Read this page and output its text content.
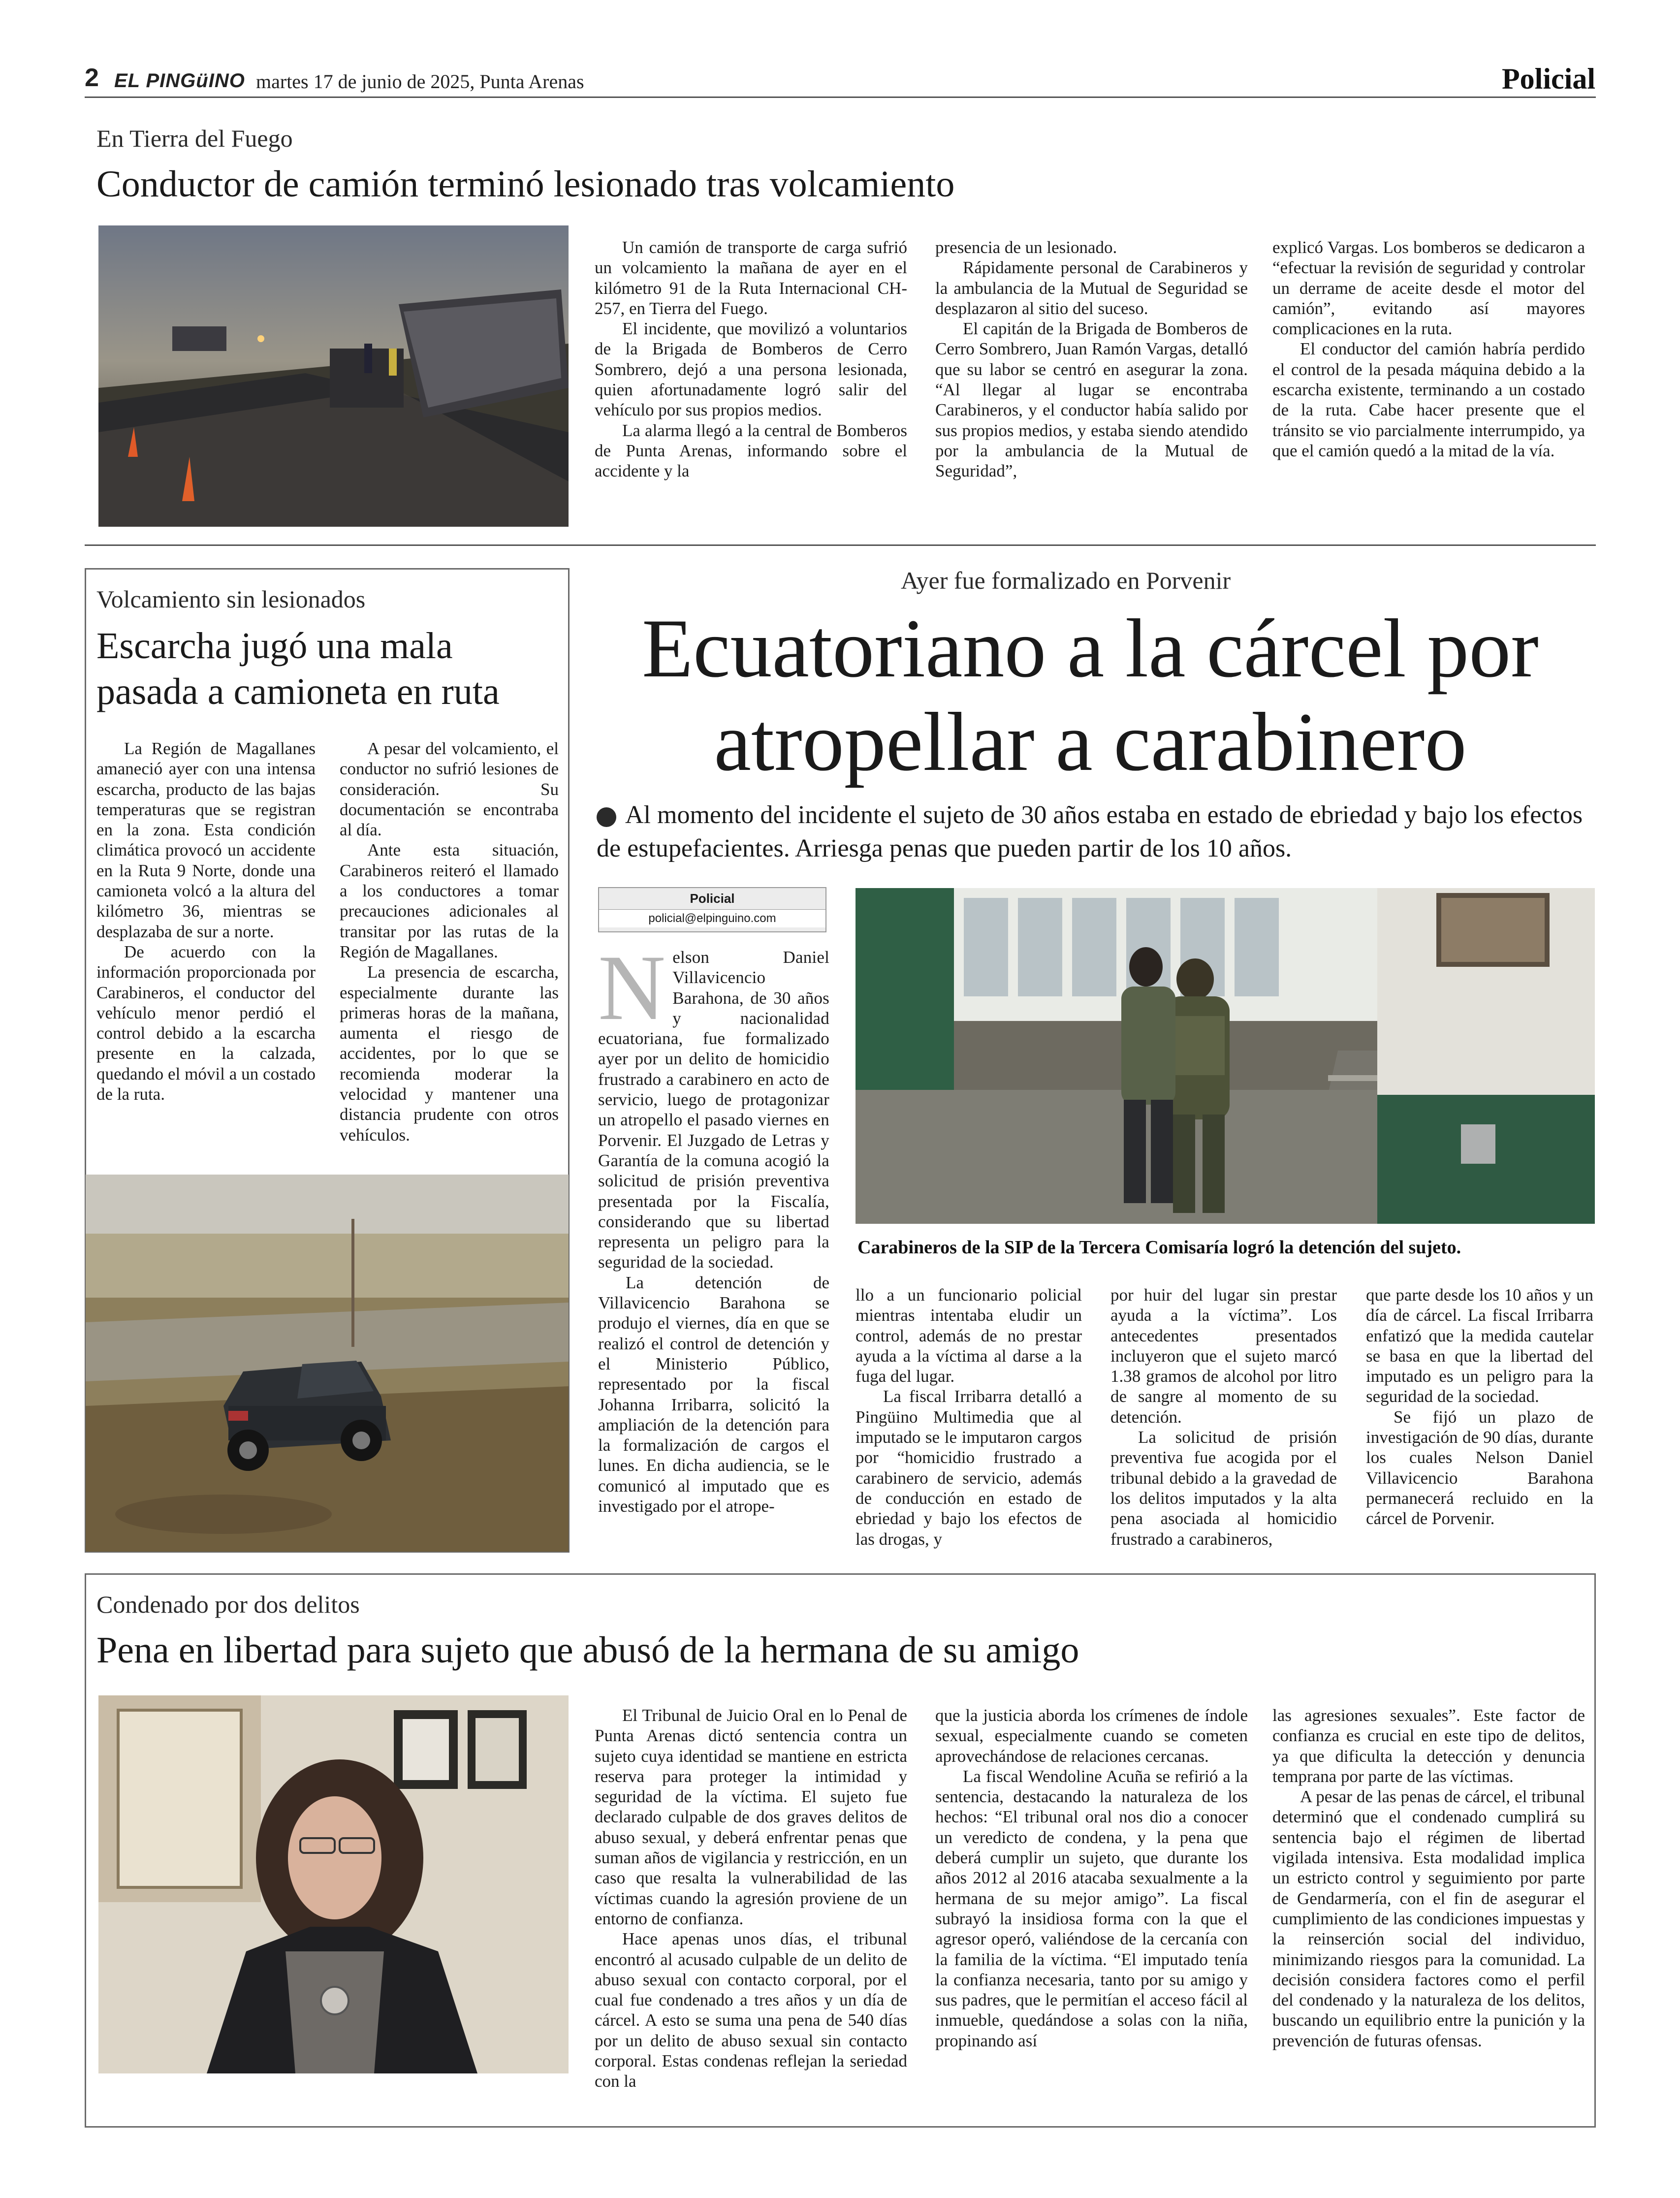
2 EL PINGüINO martes 17 de junio de 2025, Punta Arenas	Policial
En Tierra del Fuego
Conductor de camión terminó lesionado tras volcamiento

Un camión de transporte de carga sufrió un volcamiento la mañana de ayer en el kilómetro 91 de la Ruta Internacional CH-257, en Tierra del Fuego.

El incidente, que movilizó a voluntarios de la Brigada de Bomberos de Cerro Sombrero, dejó a una persona lesionada, quien afortunadamente logró salir del vehículo por sus propios medios.

La alarma llegó a la central de Bomberos de Punta Arenas, informando sobre el accidente y la

presencia de un lesionado.

Rápidamente personal de Carabineros y la ambulancia de la Mutual de Seguridad se desplazaron al sitio del suceso.

El capitán de la Brigada de Bomberos de Cerro Sombrero, Juan Ramón Vargas, detalló que su labor se centró en asegurar la zona. “Al llegar al lugar se encontraba Carabineros, y el conductor había salido por sus propios medios, y estaba siendo atendido por la ambulancia de la Mutual de Seguridad”,

explicó Vargas. Los bomberos se dedicaron a “efectuar la revisión de seguridad y controlar un derrame de aceite desde el motor del camión”, evitando así mayores complicaciones en la ruta.

El conductor del camión habría perdido el control de la pesada máquina debido a la escarcha existente, terminando a un costado de la ruta. Cabe hacer presente que el tránsito se vio parcialmente interrumpido, ya que el camión quedó a la mitad de la vía.

Volcamiento sin lesionados
Escarcha jugó una mala pasada a camioneta en ruta

La Región de Magallanes amaneció ayer con una intensa escarcha, producto de las bajas temperaturas que se registran en la zona. Esta condición climática provocó un accidente en la Ruta 9 Norte, donde una camioneta volcó a la altura del kilómetro 36, mientras se desplazaba de sur a norte.

De acuerdo con la información proporcionada por Carabineros, el conductor del vehículo menor perdió el control debido a la escarcha presente en la calzada, quedando el móvil a un costado de la ruta.

A pesar del volcamiento, el conductor no sufrió lesiones de consideración. Su documentación se encontraba al día.

Ante esta situación, Carabineros reiteró el llamado a los conductores a tomar precauciones adicionales al transitar por las rutas de la Región de Magallanes.

La presencia de escarcha, especialmente durante las primeras horas de la mañana, aumenta el riesgo de accidentes, por lo que se recomienda moderar la velocidad y mantener una distancia prudente con otros vehículos.

Ayer fue formalizado en Porvenir
Ecuatoriano a la cárcel por
atropellar a carabinero
Al momento del incidente el sujeto de 30 años estaba en estado de ebriedad y bajo los efectos de estupefacientes. Arriesga penas que pueden partir de los 10 años.
Policial
policial@elpinguino.com
N elson Daniel Villavicencio Barahona, de 30 años y nacionalidad ecuatoriana, fue formalizado ayer por un delito de homicidio frustrado a carabinero en acto de servicio, luego de protagonizar un atropello el pasado viernes en Porvenir. El Juzgado de Letras y Garantía de la comuna acogió la solicitud de prisión preventiva presentada por la Fiscalía, considerando que su libertad representa un peligro para la seguridad de la sociedad.

La detención de Villavicencio Barahona se produjo el viernes, día en que se realizó el control de detención y el Ministerio Público, representado por la fiscal Johanna Irribarra, solicitó la ampliación de la detención para la formalización de cargos el lunes. En dicha audiencia, se le comunicó al imputado que es investigado por el atrope-

Carabineros de la SIP de la Tercera Comisaría logró la detención del sujeto.

llo a un funcionario policial mientras intentaba eludir un control, además de no prestar ayuda a la víctima al darse a la fuga del lugar.

La fiscal Irribarra detalló a Pingüino Multimedia que al imputado se le imputaron cargos por “homicidio frustrado a carabinero de servicio, además de conducción en estado de ebriedad y bajo los efectos de las drogas, y

por huir del lugar sin prestar ayuda a la víctima”. Los antecedentes presentados incluyeron que el sujeto marcó 1.38 gramos de alcohol por litro de sangre al momento de su detención.

La solicitud de prisión preventiva fue acogida por el tribunal debido a la gravedad de los delitos imputados y la alta pena asociada al homicidio frustrado a carabineros,

que parte desde los 10 años y un día de cárcel. La fiscal Irribarra enfatizó que la medida cautelar se basa en que la libertad del imputado es un peligro para la seguridad de la sociedad.

Se fijó un plazo de investigación de 90 días, durante los cuales Nelson Daniel Villavicencio Barahona permanecerá recluido en la cárcel de Porvenir.

Condenado por dos delitos
Pena en libertad para sujeto que abusó de la hermana de su amigo

El Tribunal de Juicio Oral en lo Penal de Punta Arenas dictó sentencia contra un sujeto cuya identidad se mantiene en estricta reserva para proteger la intimidad y seguridad de la víctima. El sujeto fue declarado culpable de dos graves delitos de abuso sexual, y deberá enfrentar penas que suman años de vigilancia y restricción, en un caso que resalta la vulnerabilidad de las víctimas cuando la agresión proviene de un entorno de confianza.

Hace apenas unos días, el tribunal encontró al acusado culpable de un delito de abuso sexual con contacto corporal, por el cual fue condenado a tres años y un día de cárcel. A esto se suma una pena de 540 días por un delito de abuso sexual sin contacto corporal. Estas condenas reflejan la seriedad con la

que la justicia aborda los crímenes de índole sexual, especialmente cuando se cometen aprovechándose de relaciones cercanas.

La fiscal Wendoline Acuña se refirió a la sentencia, destacando la naturaleza de los hechos: “El tribunal oral nos dio a conocer un veredicto de condena, y la pena que deberá cumplir un sujeto, que durante los años 2012 al 2016 atacaba sexualmente a la hermana de su mejor amigo”. La fiscal subrayó la insidiosa forma con la que el agresor operó, valiéndose de la cercanía con la familia de la víctima. “El imputado tenía la confianza necesaria, tanto por su amigo y sus padres, que le permitían el acceso fácil al inmueble, quedándose a solas con la niña, propinando así

las agresiones sexuales”. Este factor de confianza es crucial en este tipo de delitos, ya que dificulta la detección y denuncia temprana por parte de las víctimas.

A pesar de las penas de cárcel, el tribunal determinó que el condenado cumplirá su sentencia bajo el régimen de libertad vigilada intensiva. Esta modalidad implica un estricto control y seguimiento por parte de Gendarmería, con el fin de asegurar el cumplimiento de las condiciones impuestas y la reinserción social del individuo, minimizando riesgos para la comunidad. La decisión considera factores como el perfil del condenado y la naturaleza de los delitos, buscando un equilibrio entre la punición y la prevención de futuras ofensas.
